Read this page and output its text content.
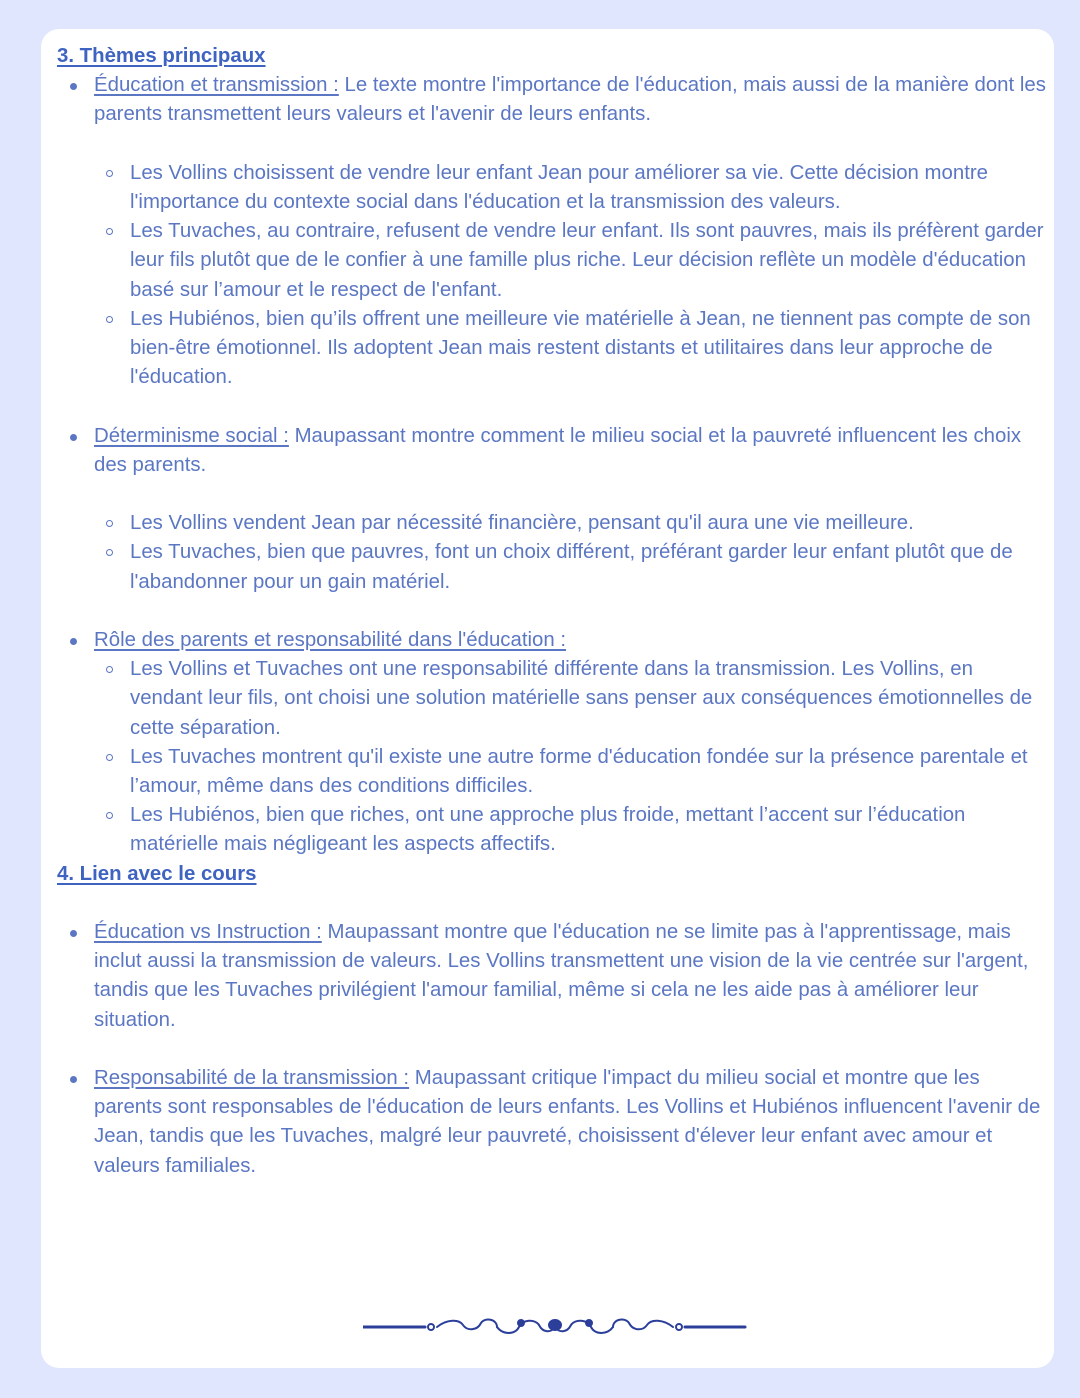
3. Thèmes principaux

Éducation et transmission : Le texte montre l'importance de l'éducation, mais aussi de la manière dont les parents transmettent leurs valeurs et l'avenir de leurs enfants.
Les Vollins choisissent de vendre leur enfant Jean pour améliorer sa vie. Cette décision montre l'importance du contexte social dans l'éducation et la transmission des valeurs.
Les Tuvaches, au contraire, refusent de vendre leur enfant. Ils sont pauvres, mais ils préfèrent garder leur fils plutôt que de le confier à une famille plus riche. Leur décision reflète un modèle d'éducation basé sur l’amour et le respect de l'enfant.
Les Hubiénos, bien qu’ils offrent une meilleure vie matérielle à Jean, ne tiennent pas compte de son bien-être émotionnel. Ils adoptent Jean mais restent distants et utilitaires dans leur approche de l'éducation.
Déterminisme social : Maupassant montre comment le milieu social et la pauvreté influencent les choix des parents.
Les Vollins vendent Jean par nécessité financière, pensant qu'il aura une vie meilleure.
Les Tuvaches, bien que pauvres, font un choix différent, préférant garder leur enfant plutôt que de l'abandonner pour un gain matériel.
Rôle des parents et responsabilité dans l'éducation :
Les Vollins et Tuvaches ont une responsabilité différente dans la transmission. Les Vollins, en vendant leur fils, ont choisi une solution matérielle sans penser aux conséquences émotionnelles de cette séparation.
Les Tuvaches montrent qu'il existe une autre forme d'éducation fondée sur la présence parentale et l’amour, même dans des conditions difficiles.
Les Hubiénos, bien que riches, ont une approche plus froide, mettant l’accent sur l’éducation matérielle mais négligeant les aspects affectifs.

4. Lien avec le cours

Éducation vs Instruction : Maupassant montre que l'éducation ne se limite pas à l'apprentissage, mais inclut aussi la transmission de valeurs. Les Vollins transmettent une vision de la vie centrée sur l'argent, tandis que les Tuvaches privilégient l'amour familial, même si cela ne les aide pas à améliorer leur situation.
Responsabilité de la transmission : Maupassant critique l'impact du milieu social et montre que les parents sont responsables de l'éducation de leurs enfants. Les Vollins et Hubiénos influencent l'avenir de Jean, tandis que les Tuvaches, malgré leur pauvreté, choisissent d'élever leur enfant avec amour et valeurs familiales.
